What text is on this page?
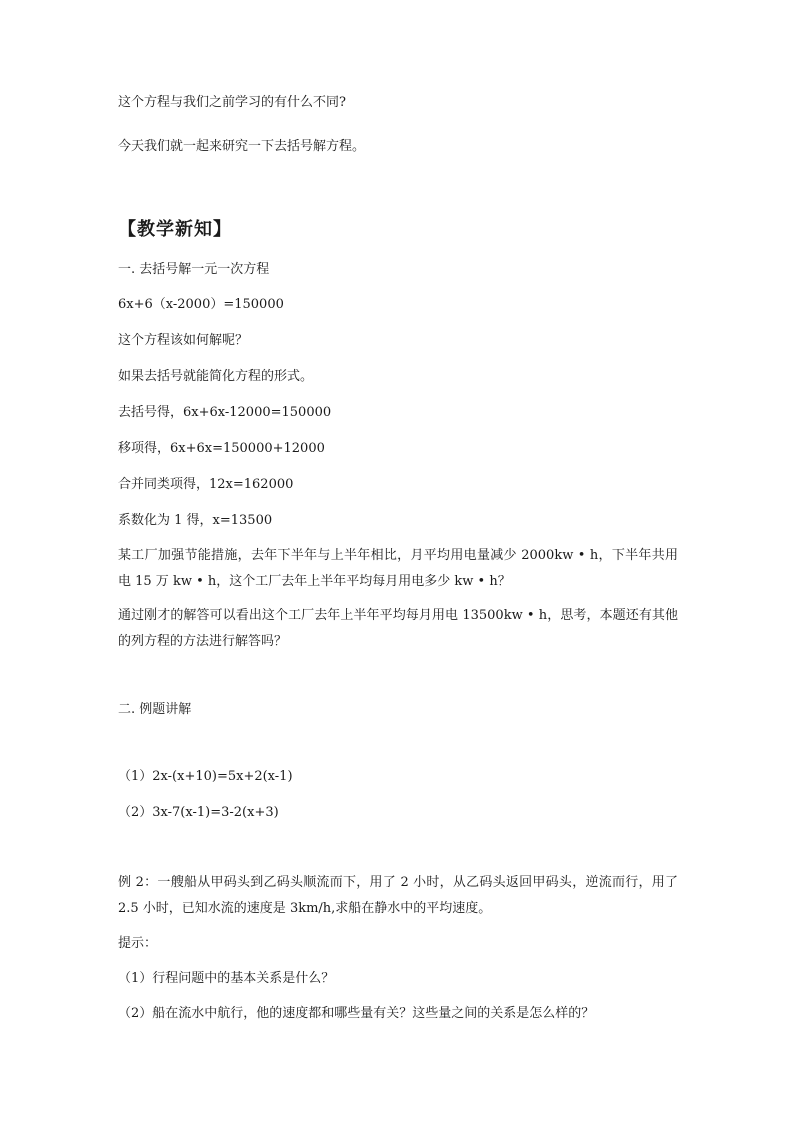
这个方程与我们之前学习的有什么不同?
今天我们就一起来研究一下去括号解方程。
【教学新知】
一. 去括号解一元一次方程
6x+6（x-2000）=150000
这个方程该如何解呢？
如果去括号就能简化方程的形式。
去括号得，6x+6x-12000=150000
移项得，6x+6x=150000+12000
合并同类项得，12x=162000
系数化为 1 得，x=13500
某工厂加强节能措施，去年下半年与上半年相比，月平均用电量减少 2000kw • h，下半年共用电 15 万 kw • h，这个工厂去年上半年平均每月用电多少 kw • h？
通过刚才的解答可以看出这个工厂去年上半年平均每月用电 13500kw • h，思考，本题还有其他的列方程的方法进行解答吗？
二. 例题讲解
（1）2x-(x+10)=5x+2(x-1)
（2）3x-7(x-1)=3-2(x+3)
例 2：一艘船从甲码头到乙码头顺流而下，用了 2 小时，从乙码头返回甲码头，逆流而行，用了 2.5 小时，已知水流的速度是 3km/h,求船在静水中的平均速度。
提示：
（1）行程问题中的基本关系是什么？
（2）船在流水中航行，他的速度都和哪些量有关？这些量之间的关系是怎么样的？
